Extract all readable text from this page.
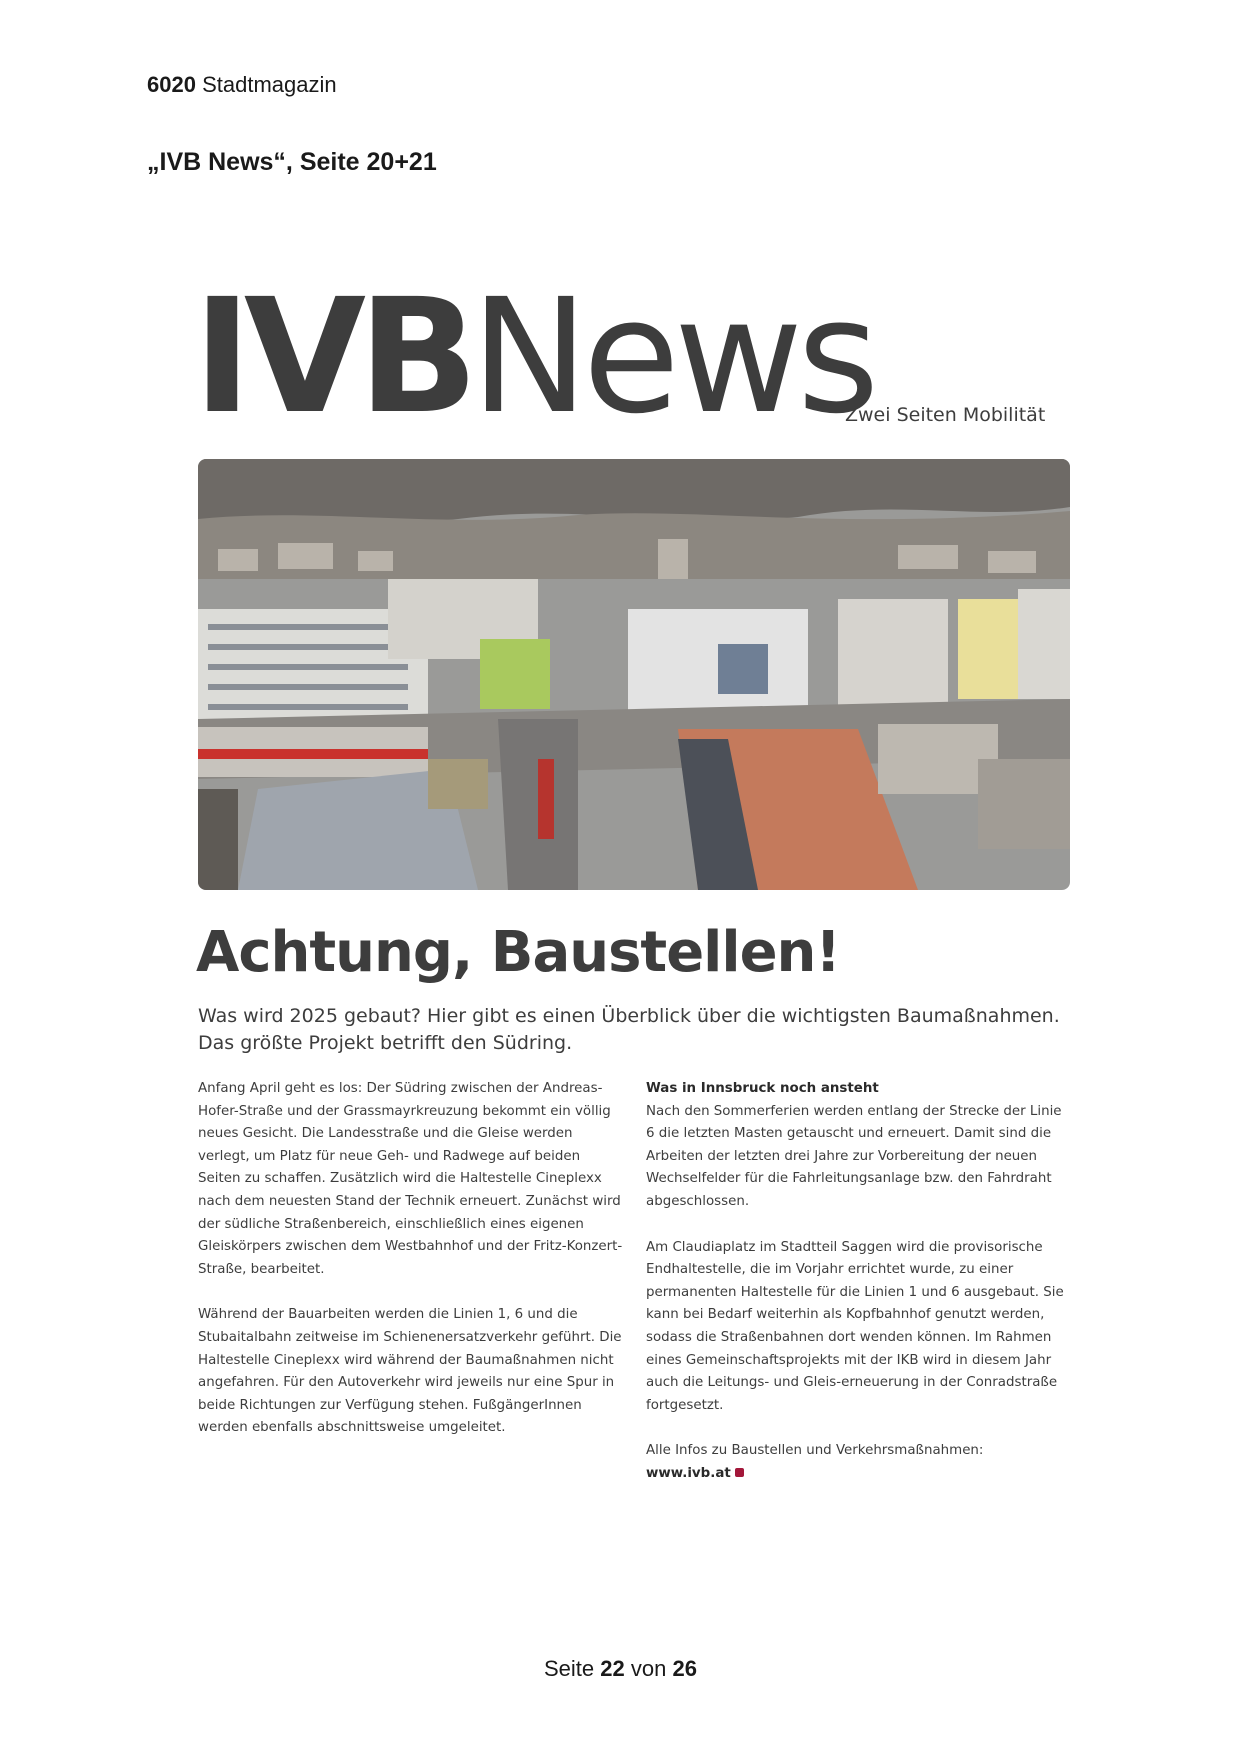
6020 Stadtmagazin
„IVB News“, Seite 20+21
IVBNews
Zwei Seiten Mobilität
Achtung, Baustellen!
Was wird 2025 gebaut? Hier gibt es einen Überblick über die wichtigsten Baumaßnahmen. Das größte Projekt betrifft den Südring.

Anfang April geht es los: Der Südring zwischen der Andreas-Hofer-Straße und der Grassmayrkreuzung bekommt ein völlig neues Gesicht. Die Landesstraße und die Gleise werden verlegt, um Platz für neue Geh- und Radwege auf beiden Seiten zu schaffen. Zusätzlich wird die Haltestelle Cineplexx nach dem neuesten Stand der Technik erneuert. Zunächst wird der südliche Straßenbereich, einschließlich eines eigenen Gleiskörpers zwischen dem Westbahnhof und der Fritz-Konzert-Straße, bearbeitet.

Während der Bauarbeiten werden die Linien 1, 6 und die Stubaitalbahn zeitweise im Schienenersatzverkehr geführt. Die Haltestelle Cineplexx wird während der Baumaßnahmen nicht angefahren. Für den Autoverkehr wird jeweils nur eine Spur in beide Richtungen zur Verfügung stehen. FußgängerInnen werden ebenfalls abschnittsweise umgeleitet.

Was in Innsbruck noch ansteht

Nach den Sommerferien werden entlang der Strecke der Linie 6 die letzten Masten getauscht und erneuert. Damit sind die Arbeiten der letzten drei Jahre zur Vorbereitung der neuen Wechselfelder für die Fahrleitungsanlage bzw. den Fahrdraht abgeschlossen.

Am Claudiaplatz im Stadtteil Saggen wird die provisorische Endhaltestelle, die im Vorjahr errichtet wurde, zu einer permanenten Haltestelle für die Linien 1 und 6 ausgebaut. Sie kann bei Bedarf weiterhin als Kopfbahnhof genutzt werden, sodass die Straßenbahnen dort wenden können. Im Rahmen eines Gemeinschaftsprojekts mit der IKB wird in diesem Jahr auch die Leitungs- und Gleis-erneuerung in der Conradstraße fortgesetzt.

Alle Infos zu Baustellen und Verkehrsmaßnahmen: www.ivb.at

Seite 22 von 26
